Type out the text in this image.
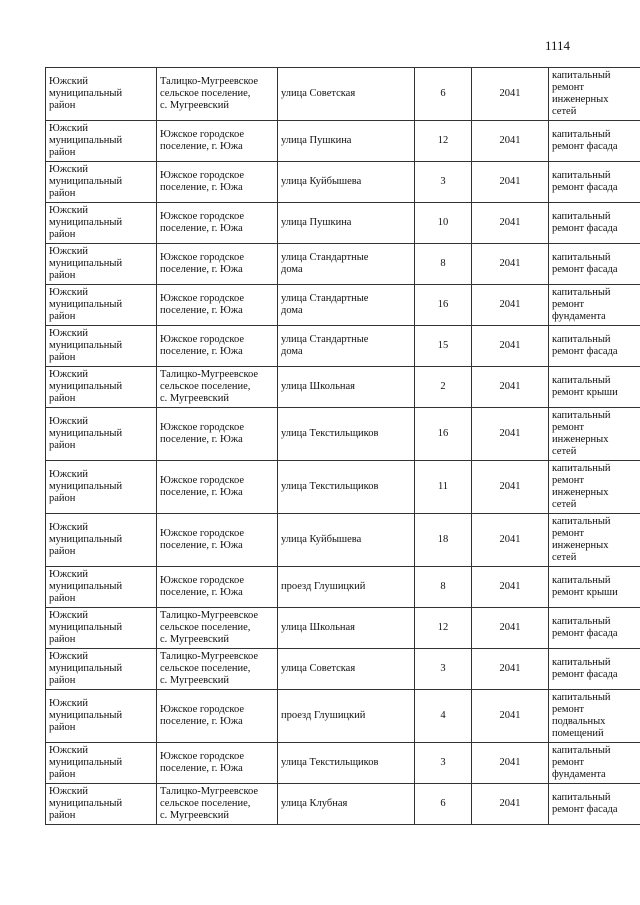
1114
Южский
муниципальный
район	Талицко-Мугреевское
сельское поселение,
с. Мугреевский	улица Советская	6	2041	капитальный
ремонт
инженерных
сетей

Южский
муниципальный
район	Южское городское
поселение, г. Южа	улица Пушкина	12	2041	капитальный
ремонт фасада

Южский
муниципальный
район	Южское городское
поселение, г. Южа	улица Куйбышева	3	2041	капитальный
ремонт фасада

Южский
муниципальный
район	Южское городское
поселение, г. Южа	улица Пушкина	10	2041	капитальный
ремонт фасада

Южский
муниципальный
район	Южское городское
поселение, г. Южа	улица Стандартные
дома	8	2041	капитальный
ремонт фасада

Южский
муниципальный
район	Южское городское
поселение, г. Южа	улица Стандартные
дома	16	2041	капитальный
ремонт
фундамента

Южский
муниципальный
район	Южское городское
поселение, г. Южа	улица Стандартные
дома	15	2041	капитальный
ремонт фасада

Южский
муниципальный
район	Талицко-Мугреевское
сельское поселение,
с. Мугреевский	улица Школьная	2	2041	капитальный
ремонт крыши

Южский
муниципальный
район	Южское городское
поселение, г. Южа	улица Текстильщиков	16	2041	капитальный
ремонт
инженерных
сетей

Южский
муниципальный
район	Южское городское
поселение, г. Южа	улица Текстильщиков	11	2041	капитальный
ремонт
инженерных
сетей

Южский
муниципальный
район	Южское городское
поселение, г. Южа	улица Куйбышева	18	2041	капитальный
ремонт
инженерных
сетей

Южский
муниципальный
район	Южское городское
поселение, г. Южа	проезд Глушицкий	8	2041	капитальный
ремонт крыши

Южский
муниципальный
район	Талицко-Мугреевское
сельское поселение,
с. Мугреевский	улица Школьная	12	2041	капитальный
ремонт фасада

Южский
муниципальный
район	Талицко-Мугреевское
сельское поселение,
с. Мугреевский	улица Советская	3	2041	капитальный
ремонт фасада

Южский
муниципальный
район	Южское городское
поселение, г. Южа	проезд Глушицкий	4	2041	капитальный
ремонт
подвальных
помещений

Южский
муниципальный
район	Южское городское
поселение, г. Южа	улица Текстильщиков	3	2041	капитальный
ремонт
фундамента

Южский
муниципальный
район	Талицко-Мугреевское
сельское поселение,
с. Мугреевский	улица Клубная	6	2041	капитальный
ремонт фасада
